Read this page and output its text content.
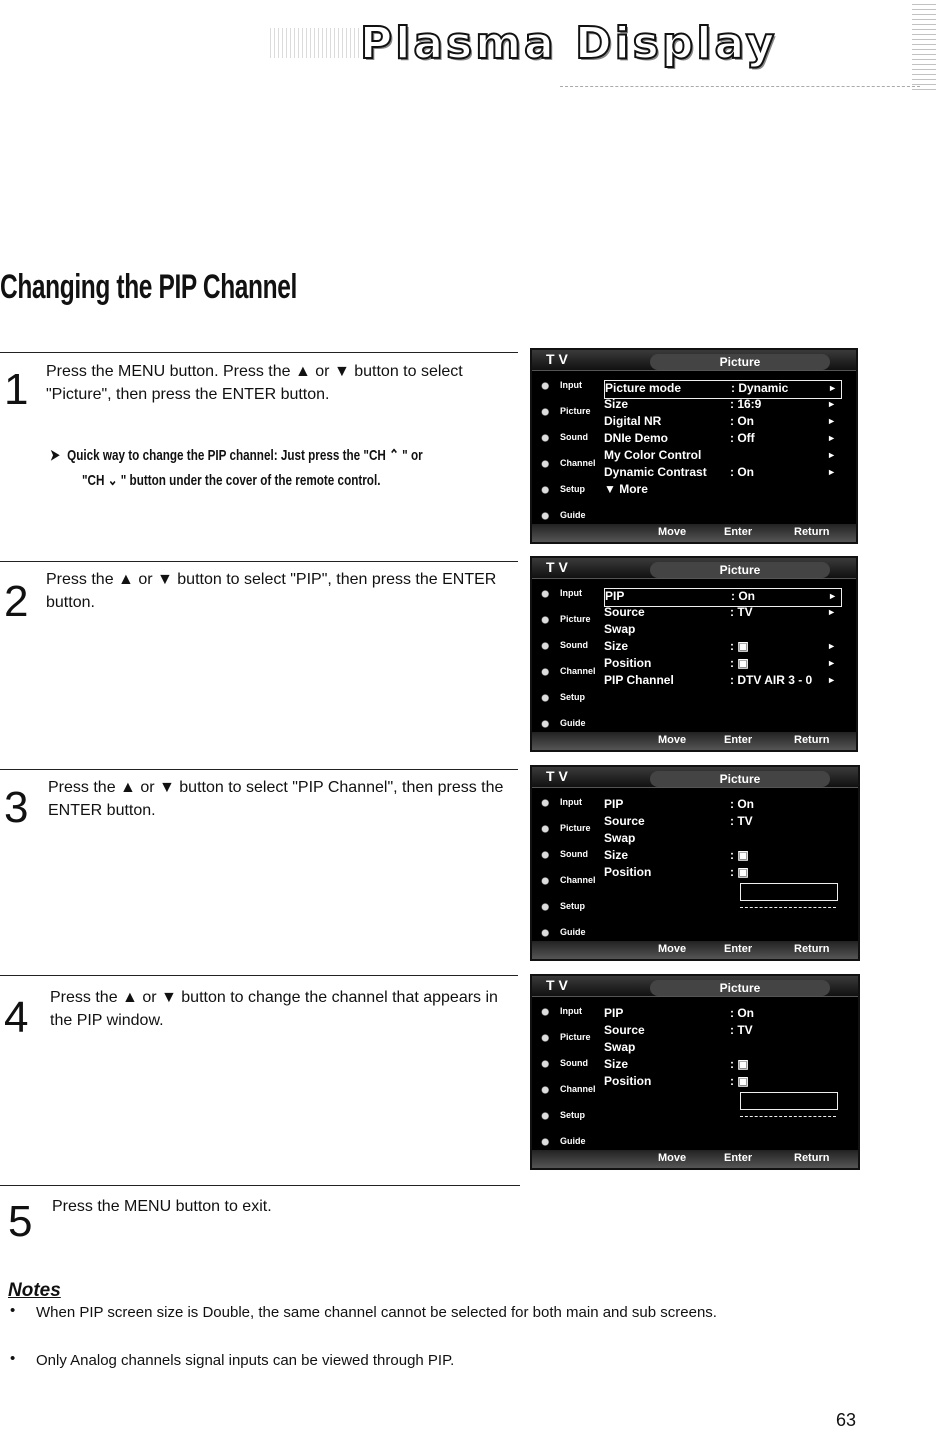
Plasma Display
Changing the PIP Channel
1 Press the MENU button. Press the ▲ or ▼ button to select "Picture", then press the ENTER button.
➤ Quick way to change the PIP channel: Just press the "CH ⌃ " or
"CH ⌄ " button under the cover of the remote control.
2 Press the ▲ or ▼ button to select "PIP", then press the ENTER button.
3 Press the ▲ or ▼ button to select "PIP Channel", then press the ENTER button.
4 Press the ▲ or ▼ button to change the channel that appears in the PIP window.
5 Press the MENU button to exit.
T V	Picture
Input
Picture
Sound
Channel
Setup
Guide
Picture mode	: Dynamic	►
Size	: 16:9	►
Digital NR	: On	►
DNIe Demo	: Off	►
My Color Control	►
Dynamic Contrast : On	►
▼ More
Move	Enter	Return
T V	Picture
Input
Picture
Sound
Channel
Setup
Guide
PIP	: On	►
Source	: TV	►
Swap
Size	: ▣	►
Position	: ▣	►
PIP Channel	: DTV AIR 3 - 0 ►
Move	Enter	Return
T V	Picture
Input
Picture
Sound
Channel
Setup
Guide
PIP	: On
Source	: TV
Swap
Size	: ▣
Position	: ▣
Move	Enter	Return
T V	Picture
Input
Picture
Sound
Channel
Setup
Guide
PIP	: On
Source	: TV
Swap
Size	: ▣
Position	: ▣
Move	Enter	Return
Notes
• When PIP screen size is Double, the same channel cannot be selected for both main and sub screens.
• Only Analog channels signal inputs can be viewed through PIP.
63
